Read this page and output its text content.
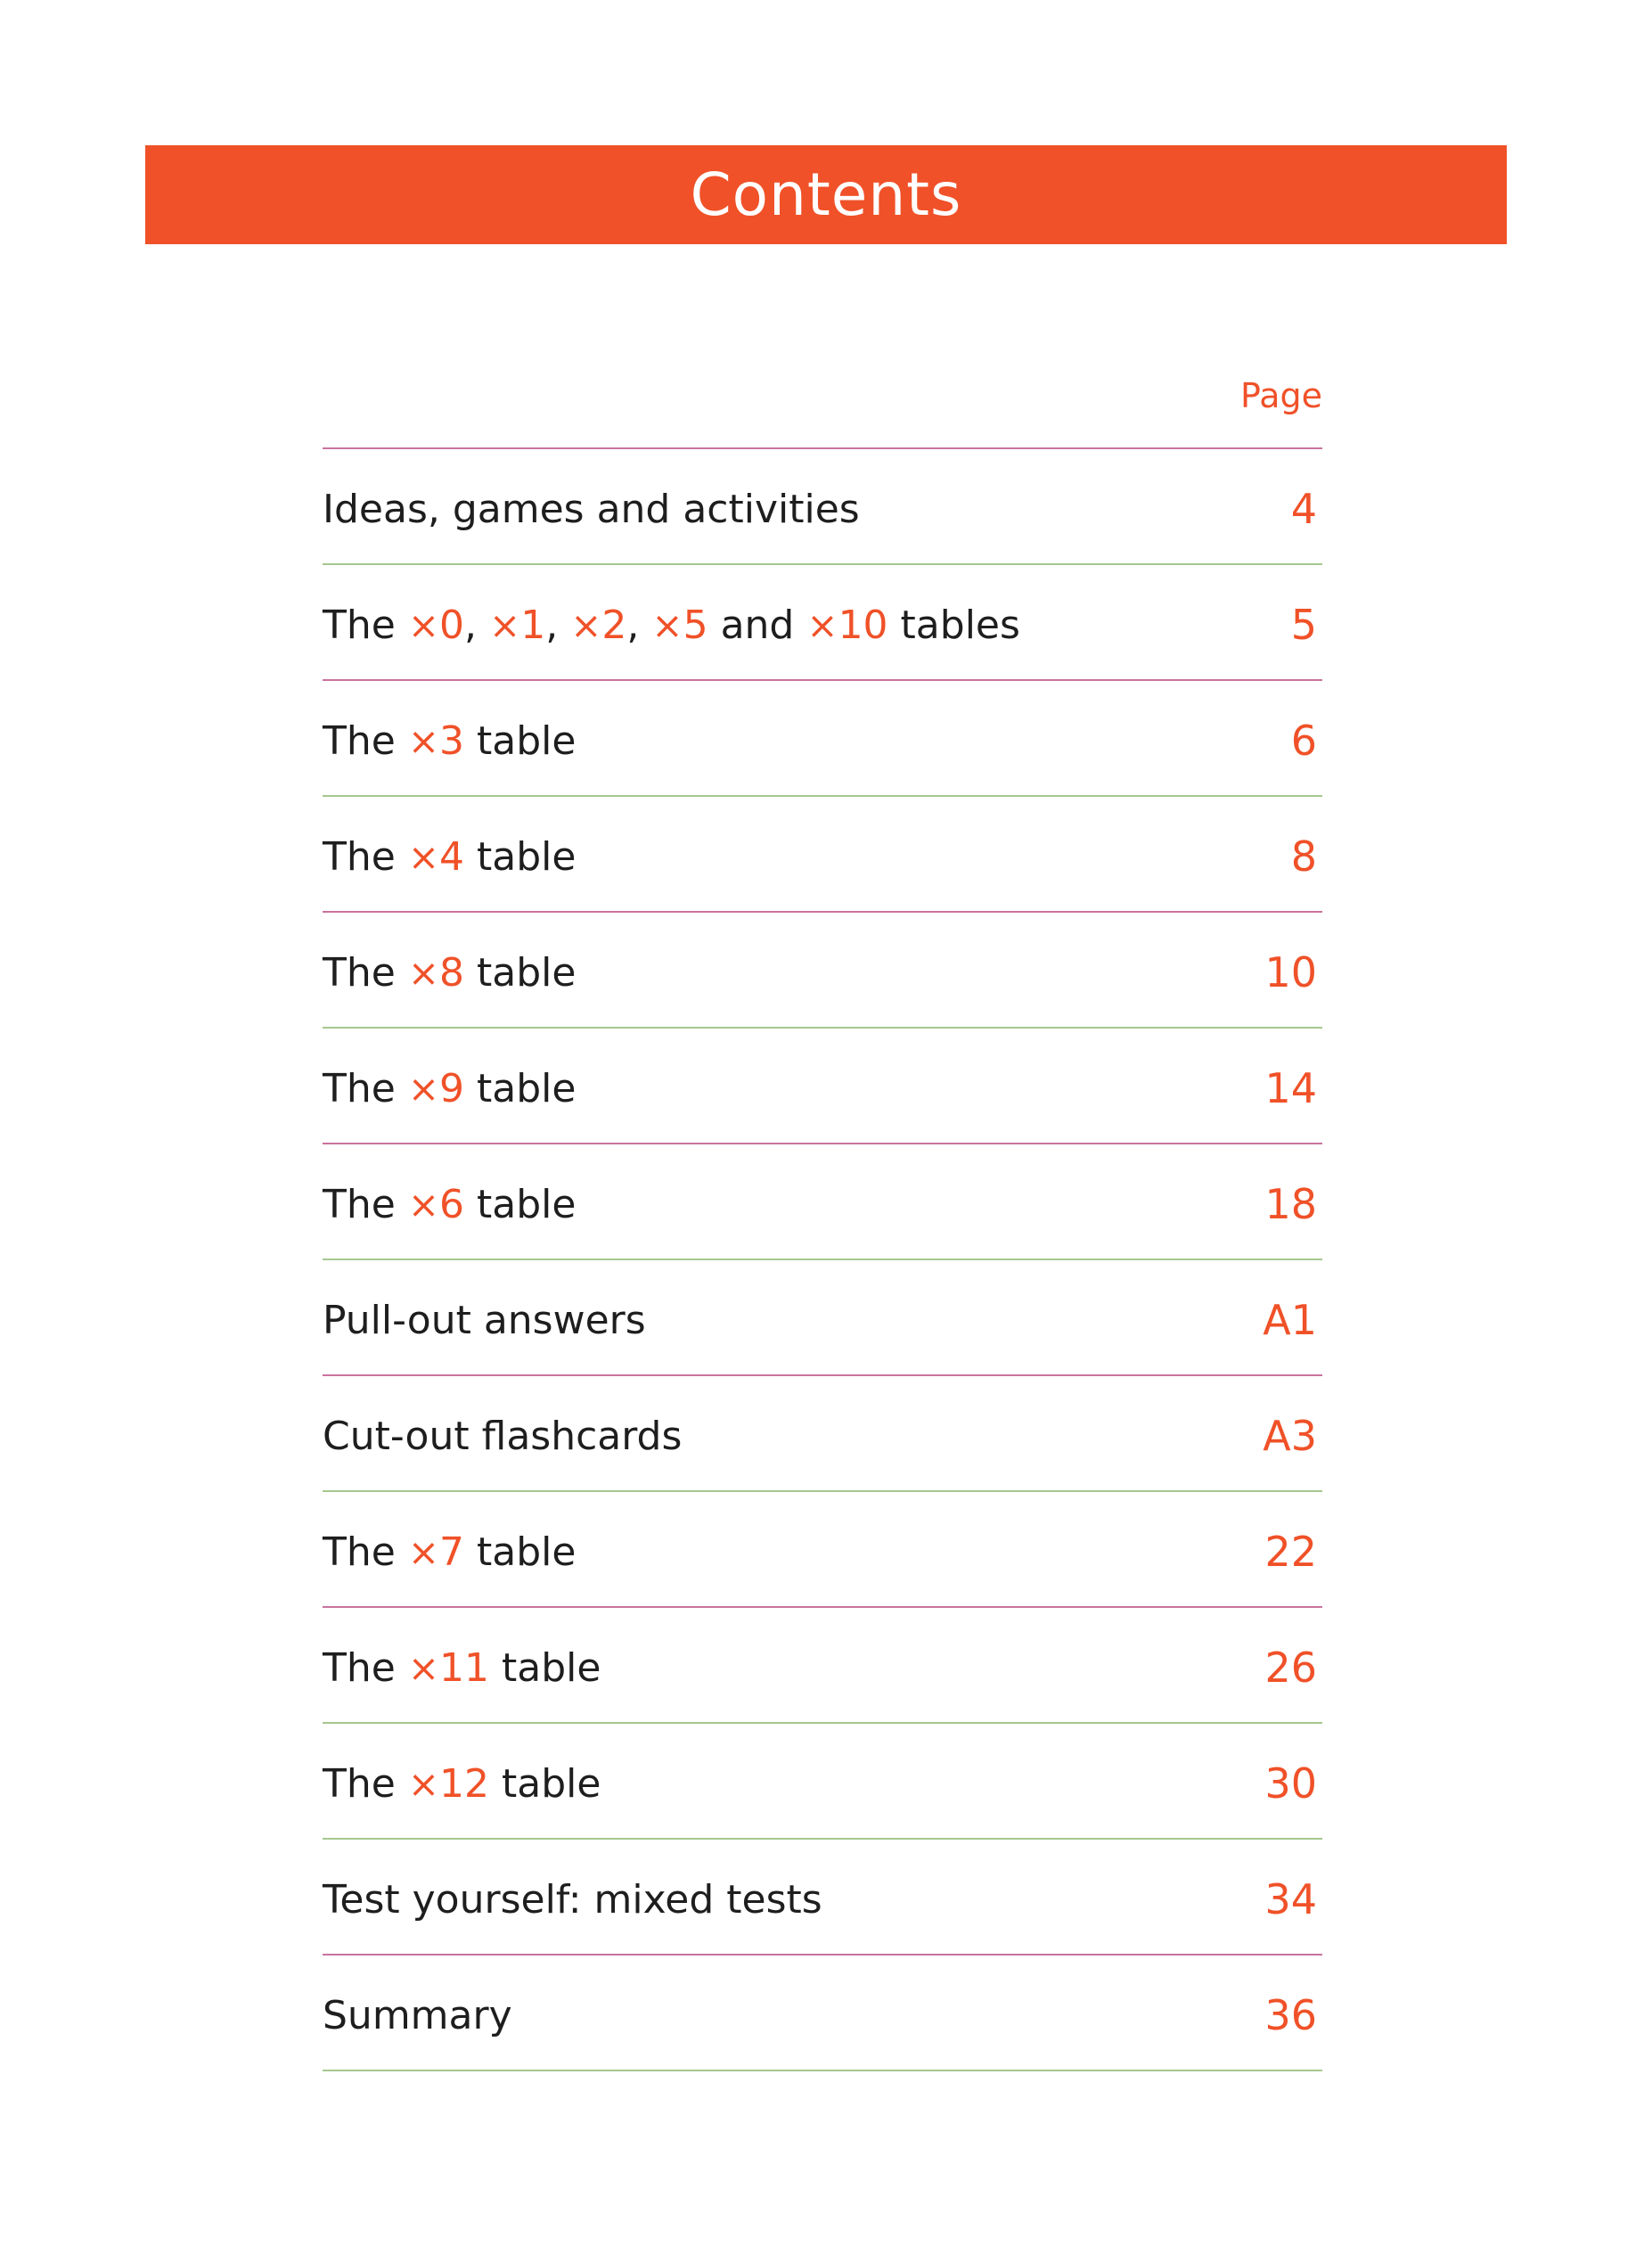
Contents
Page
Ideas, games and activities	4
The ×0, ×1, ×2, ×5 and ×10 tables	5
The ×3 table	6
The ×4 table	8
The ×8 table	10
The ×9 table	14
The ×6 table	18
Pull-out answers	A1
Cut-out flashcards	A3
The ×7 table	22
The ×11 table	26
The ×12 table	30
Test yourself: mixed tests	34
Summary	36
